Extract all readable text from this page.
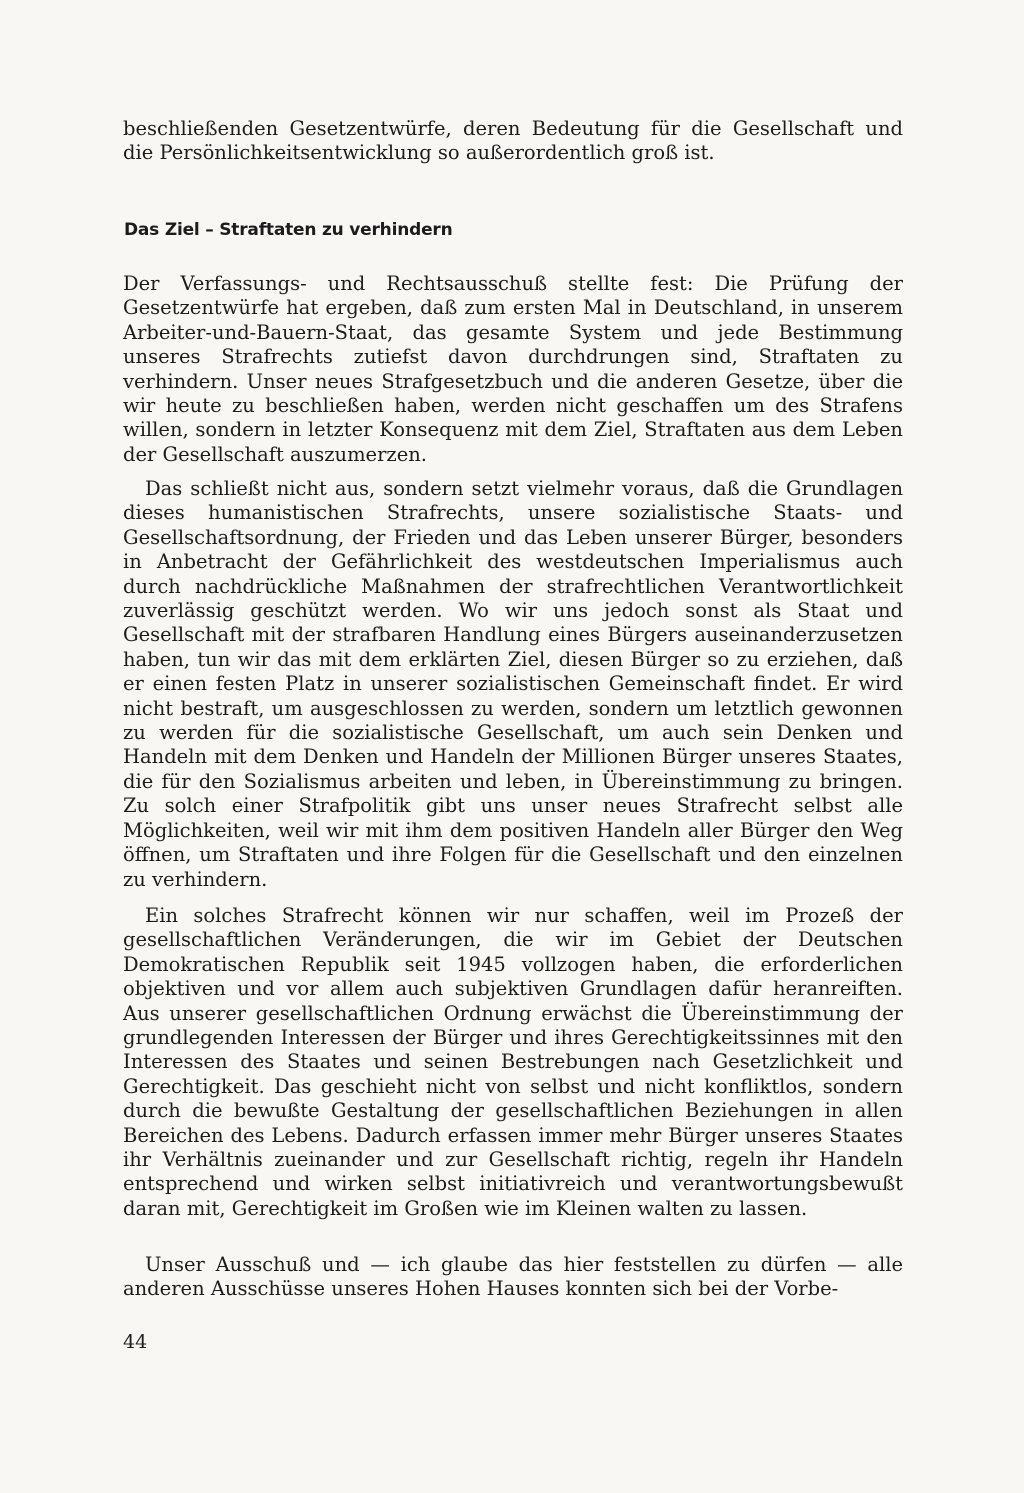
beschließenden Gesetzentwürfe, deren Bedeutung für die Gesellschaft und die Persönlichkeitsentwicklung so außerordentlich groß ist.

Das Ziel – Straftaten zu verhindern

Der Verfassungs- und Rechtsausschuß stellte fest: Die Prüfung der Gesetzentwürfe hat ergeben, daß zum ersten Mal in Deutschland, in unserem Arbeiter-und-Bauern-Staat, das gesamte System und jede Bestimmung unseres Strafrechts zutiefst davon durchdrungen sind, Straftaten zu verhindern. Unser neues Strafgesetzbuch und die anderen Gesetze, über die wir heute zu beschließen haben, werden nicht geschaffen um des Strafens willen, sondern in letzter Konsequenz mit dem Ziel, Straftaten aus dem Leben der Gesellschaft auszumerzen.

Das schließt nicht aus, sondern setzt vielmehr voraus, daß die Grundlagen dieses humanistischen Strafrechts, unsere sozialistische Staats- und Gesellschaftsordnung, der Frieden und das Leben unserer Bürger, besonders in Anbetracht der Gefährlichkeit des westdeutschen Imperialismus auch durch nachdrückliche Maßnahmen der strafrechtlichen Verantwortlichkeit zuverlässig geschützt werden. Wo wir uns jedoch sonst als Staat und Gesellschaft mit der strafbaren Handlung eines Bürgers auseinanderzusetzen haben, tun wir das mit dem erklärten Ziel, diesen Bürger so zu erziehen, daß er einen festen Platz in unserer sozialistischen Gemeinschaft findet. Er wird nicht bestraft, um ausgeschlossen zu werden, sondern um letztlich gewonnen zu werden für die sozialistische Gesellschaft, um auch sein Denken und Handeln mit dem Denken und Handeln der Millionen Bürger unseres Staates, die für den Sozialismus arbeiten und leben, in Übereinstimmung zu bringen. Zu solch einer Strafpolitik gibt uns unser neues Strafrecht selbst alle Möglichkeiten, weil wir mit ihm dem positiven Handeln aller Bürger den Weg öffnen, um Straftaten und ihre Folgen für die Gesellschaft und den einzelnen zu verhindern.

Ein solches Strafrecht können wir nur schaffen, weil im Prozeß der gesellschaftlichen Veränderungen, die wir im Gebiet der Deutschen Demokratischen Republik seit 1945 vollzogen haben, die erforderlichen objektiven und vor allem auch subjektiven Grundlagen dafür heranreiften. Aus unserer gesellschaftlichen Ordnung erwächst die Übereinstimmung der grundlegenden Interessen der Bürger und ihres Gerechtigkeitssinnes mit den Interessen des Staates und seinen Bestrebungen nach Gesetzlichkeit und Gerechtigkeit. Das geschieht nicht von selbst und nicht konfliktlos, sondern durch die bewußte Gestaltung der gesellschaftlichen Beziehungen in allen Bereichen des Lebens. Dadurch erfassen immer mehr Bürger unseres Staates ihr Verhältnis zueinander und zur Gesellschaft richtig, regeln ihr Handeln entsprechend und wirken selbst initiativreich und verantwortungsbewußt daran mit, Gerechtigkeit im Großen wie im Kleinen walten zu lassen.

Unser Ausschuß und — ich glaube das hier feststellen zu dürfen — alle anderen Ausschüsse unseres Hohen Hauses konnten sich bei der Vorbe-

44
